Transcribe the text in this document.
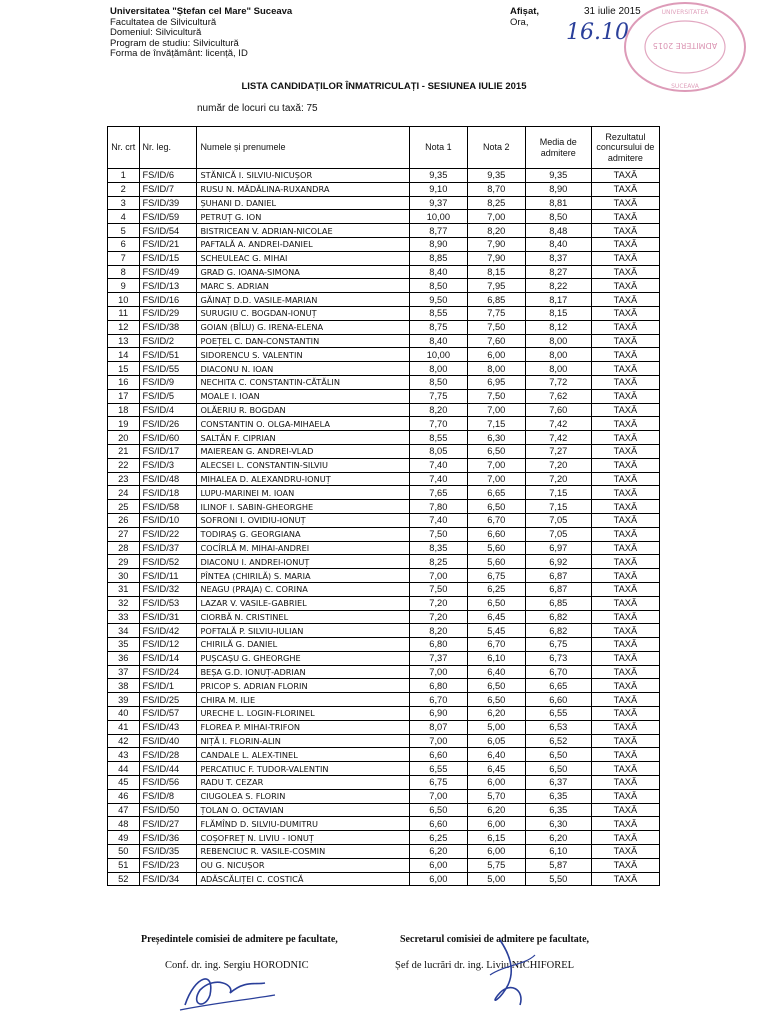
Universitatea "Ștefan cel Mare" Suceava
Facultatea de Silvicultură
Domeniul: Silvicultură
Program de studiu: Silvicultură
Forma de învățământ: licență, ID
Afișat,
Ora,
31 iulie 2015
16.10
ADMITERE 2015
UNIVERSITATEA
SUCEAVA
LISTA CANDIDAȚILOR ÎNMATRICULAȚI - SESIUNEA IULIE 2015
număr de locuri cu taxă: 75
Nr. crt	Nr. leg.	Numele și prenumele	Nota 1	Nota 2	Media de admitere	Rezultatul concursului de admitere
1	FS/ID/6	STĂNICĂ I. SILVIU-NICUȘOR	9,35	9,35	9,35	TAXĂ
2	FS/ID/7	RUSU N. MĂDĂLINA-RUXANDRA	9,10	8,70	8,90	TAXĂ
3	FS/ID/39	ȘUHANI D. DANIEL	9,37	8,25	8,81	TAXĂ
4	FS/ID/59	PETRUȚ G. ION	10,00	7,00	8,50	TAXĂ
5	FS/ID/54	BISTRICEAN V. ADRIAN-NICOLAE	8,77	8,20	8,48	TAXĂ
6	FS/ID/21	PAFTALĂ A. ANDREI-DANIEL	8,90	7,90	8,40	TAXĂ
7	FS/ID/15	SCHEULEAC G. MIHAI	8,85	7,90	8,37	TAXĂ
8	FS/ID/49	GRAD G. IOANA-SIMONA	8,40	8,15	8,27	TAXĂ
9	FS/ID/13	MARC S. ADRIAN	8,50	7,95	8,22	TAXĂ
10	FS/ID/16	GĂINAȚ D.D. VASILE-MARIAN	9,50	6,85	8,17	TAXĂ
11	FS/ID/29	SURUGIU C. BOGDAN-IONUȚ	8,55	7,75	8,15	TAXĂ
12	FS/ID/38	GOIAN (BÎLU) G. IRENA-ELENA	8,75	7,50	8,12	TAXĂ
13	FS/ID/2	POEȚEL C. DAN-CONSTANTIN	8,40	7,60	8,00	TAXĂ
14	FS/ID/51	SIDORENCU S. VALENTIN	10,00	6,00	8,00	TAXĂ
15	FS/ID/55	DIACONU N. IOAN	8,00	8,00	8,00	TAXĂ
16	FS/ID/9	NECHITA C. CONSTANTIN-CĂTĂLIN	8,50	6,95	7,72	TAXĂ
17	FS/ID/5	MOALE I. IOAN	7,75	7,50	7,62	TAXĂ
18	FS/ID/4	OLĂERIU R. BOGDAN	8,20	7,00	7,60	TAXĂ
19	FS/ID/26	CONSTANTIN O. OLGA-MIHAELA	7,70	7,15	7,42	TAXĂ
20	FS/ID/60	SALTĂN F. CIPRIAN	8,55	6,30	7,42	TAXĂ
21	FS/ID/17	MAIEREAN G. ANDREI-VLAD	8,05	6,50	7,27	TAXĂ
22	FS/ID/3	ALECSEI L. CONSTANTIN-SILVIU	7,40	7,00	7,20	TAXĂ
23	FS/ID/48	MIHALEA D. ALEXANDRU-IONUȚ	7,40	7,00	7,20	TAXĂ
24	FS/ID/18	LUPU-MARINEI M. IOAN	7,65	6,65	7,15	TAXĂ
25	FS/ID/58	ILINOF I. SABIN-GHEORGHE	7,80	6,50	7,15	TAXĂ
26	FS/ID/10	SOFRONI I. OVIDIU-IONUȚ	7,40	6,70	7,05	TAXĂ
27	FS/ID/22	TODIRAȘ G. GEORGIANA	7,50	6,60	7,05	TAXĂ
28	FS/ID/37	COCÎRLĂ M. MIHAI-ANDREI	8,35	5,60	6,97	TAXĂ
29	FS/ID/52	DIACONU I. ANDREI-IONUȚ	8,25	5,60	6,92	TAXĂ
30	FS/ID/11	PÎNTEA (CHIRILĂ) S. MARIA	7,00	6,75	6,87	TAXĂ
31	FS/ID/32	NEAGU (PRAJA) C. CORINA	7,50	6,25	6,87	TAXĂ
32	FS/ID/53	LAZAR V. VASILE-GABRIEL	7,20	6,50	6,85	TAXĂ
33	FS/ID/31	CIORBĂ N. CRISTINEL	7,20	6,45	6,82	TAXĂ
34	FS/ID/42	POFTALĂ P. SILVIU-IULIAN	8,20	5,45	6,82	TAXĂ
35	FS/ID/12	CHIRILĂ G. DANIEL	6,80	6,70	6,75	TAXĂ
36	FS/ID/14	PUȘCAȘU G. GHEORGHE	7,37	6,10	6,73	TAXĂ
37	FS/ID/24	BEȘA G.D. IONUȚ-ADRIAN	7,00	6,40	6,70	TAXĂ
38	FS/ID/1	PRICOP S. ADRIAN FLORIN	6,80	6,50	6,65	TAXĂ
39	FS/ID/25	CHIRA M. ILIE	6,70	6,50	6,60	TAXĂ
40	FS/ID/57	URECHE L. LOGIN-FLORINEL	6,90	6,20	6,55	TAXĂ
41	FS/ID/43	FLOREA P. MIHAI-TRIFON	8,07	5,00	6,53	TAXĂ
42	FS/ID/40	NIȚĂ I. FLORIN-ALIN	7,00	6,05	6,52	TAXĂ
43	FS/ID/28	CANDALE L. ALEX-TINEL	6,60	6,40	6,50	TAXĂ
44	FS/ID/44	PERCATIUC F. TUDOR-VALENTIN	6,55	6,45	6,50	TAXĂ
45	FS/ID/56	RADU T. CEZAR	6,75	6,00	6,37	TAXĂ
46	FS/ID/8	CIUGOLEA S. FLORIN	7,00	5,70	6,35	TAXĂ
47	FS/ID/50	ȚOLAN O. OCTAVIAN	6,50	6,20	6,35	TAXĂ
48	FS/ID/27	FLĂMÎND D. SILVIU-DUMITRU	6,60	6,00	6,30	TAXĂ
49	FS/ID/36	COȘOFREȚ N. LIVIU - IONUȚ	6,25	6,15	6,20	TAXĂ
50	FS/ID/35	REBENCIUC R. VASILE-COSMIN	6,20	6,00	6,10	TAXĂ
51	FS/ID/23	OU G. NICUȘOR	6,00	5,75	5,87	TAXĂ
52	FS/ID/34	ADĂSCĂLIȚEI C. COSTICĂ	6,00	5,00	5,50	TAXĂ
Președintele comisiei de admitere pe facultate,
Conf. dr. ing. Sergiu HORODNIC
Secretarul comisiei de admitere pe facultate,
Șef de lucrări dr. ing. Liviu NICHIFOREL
